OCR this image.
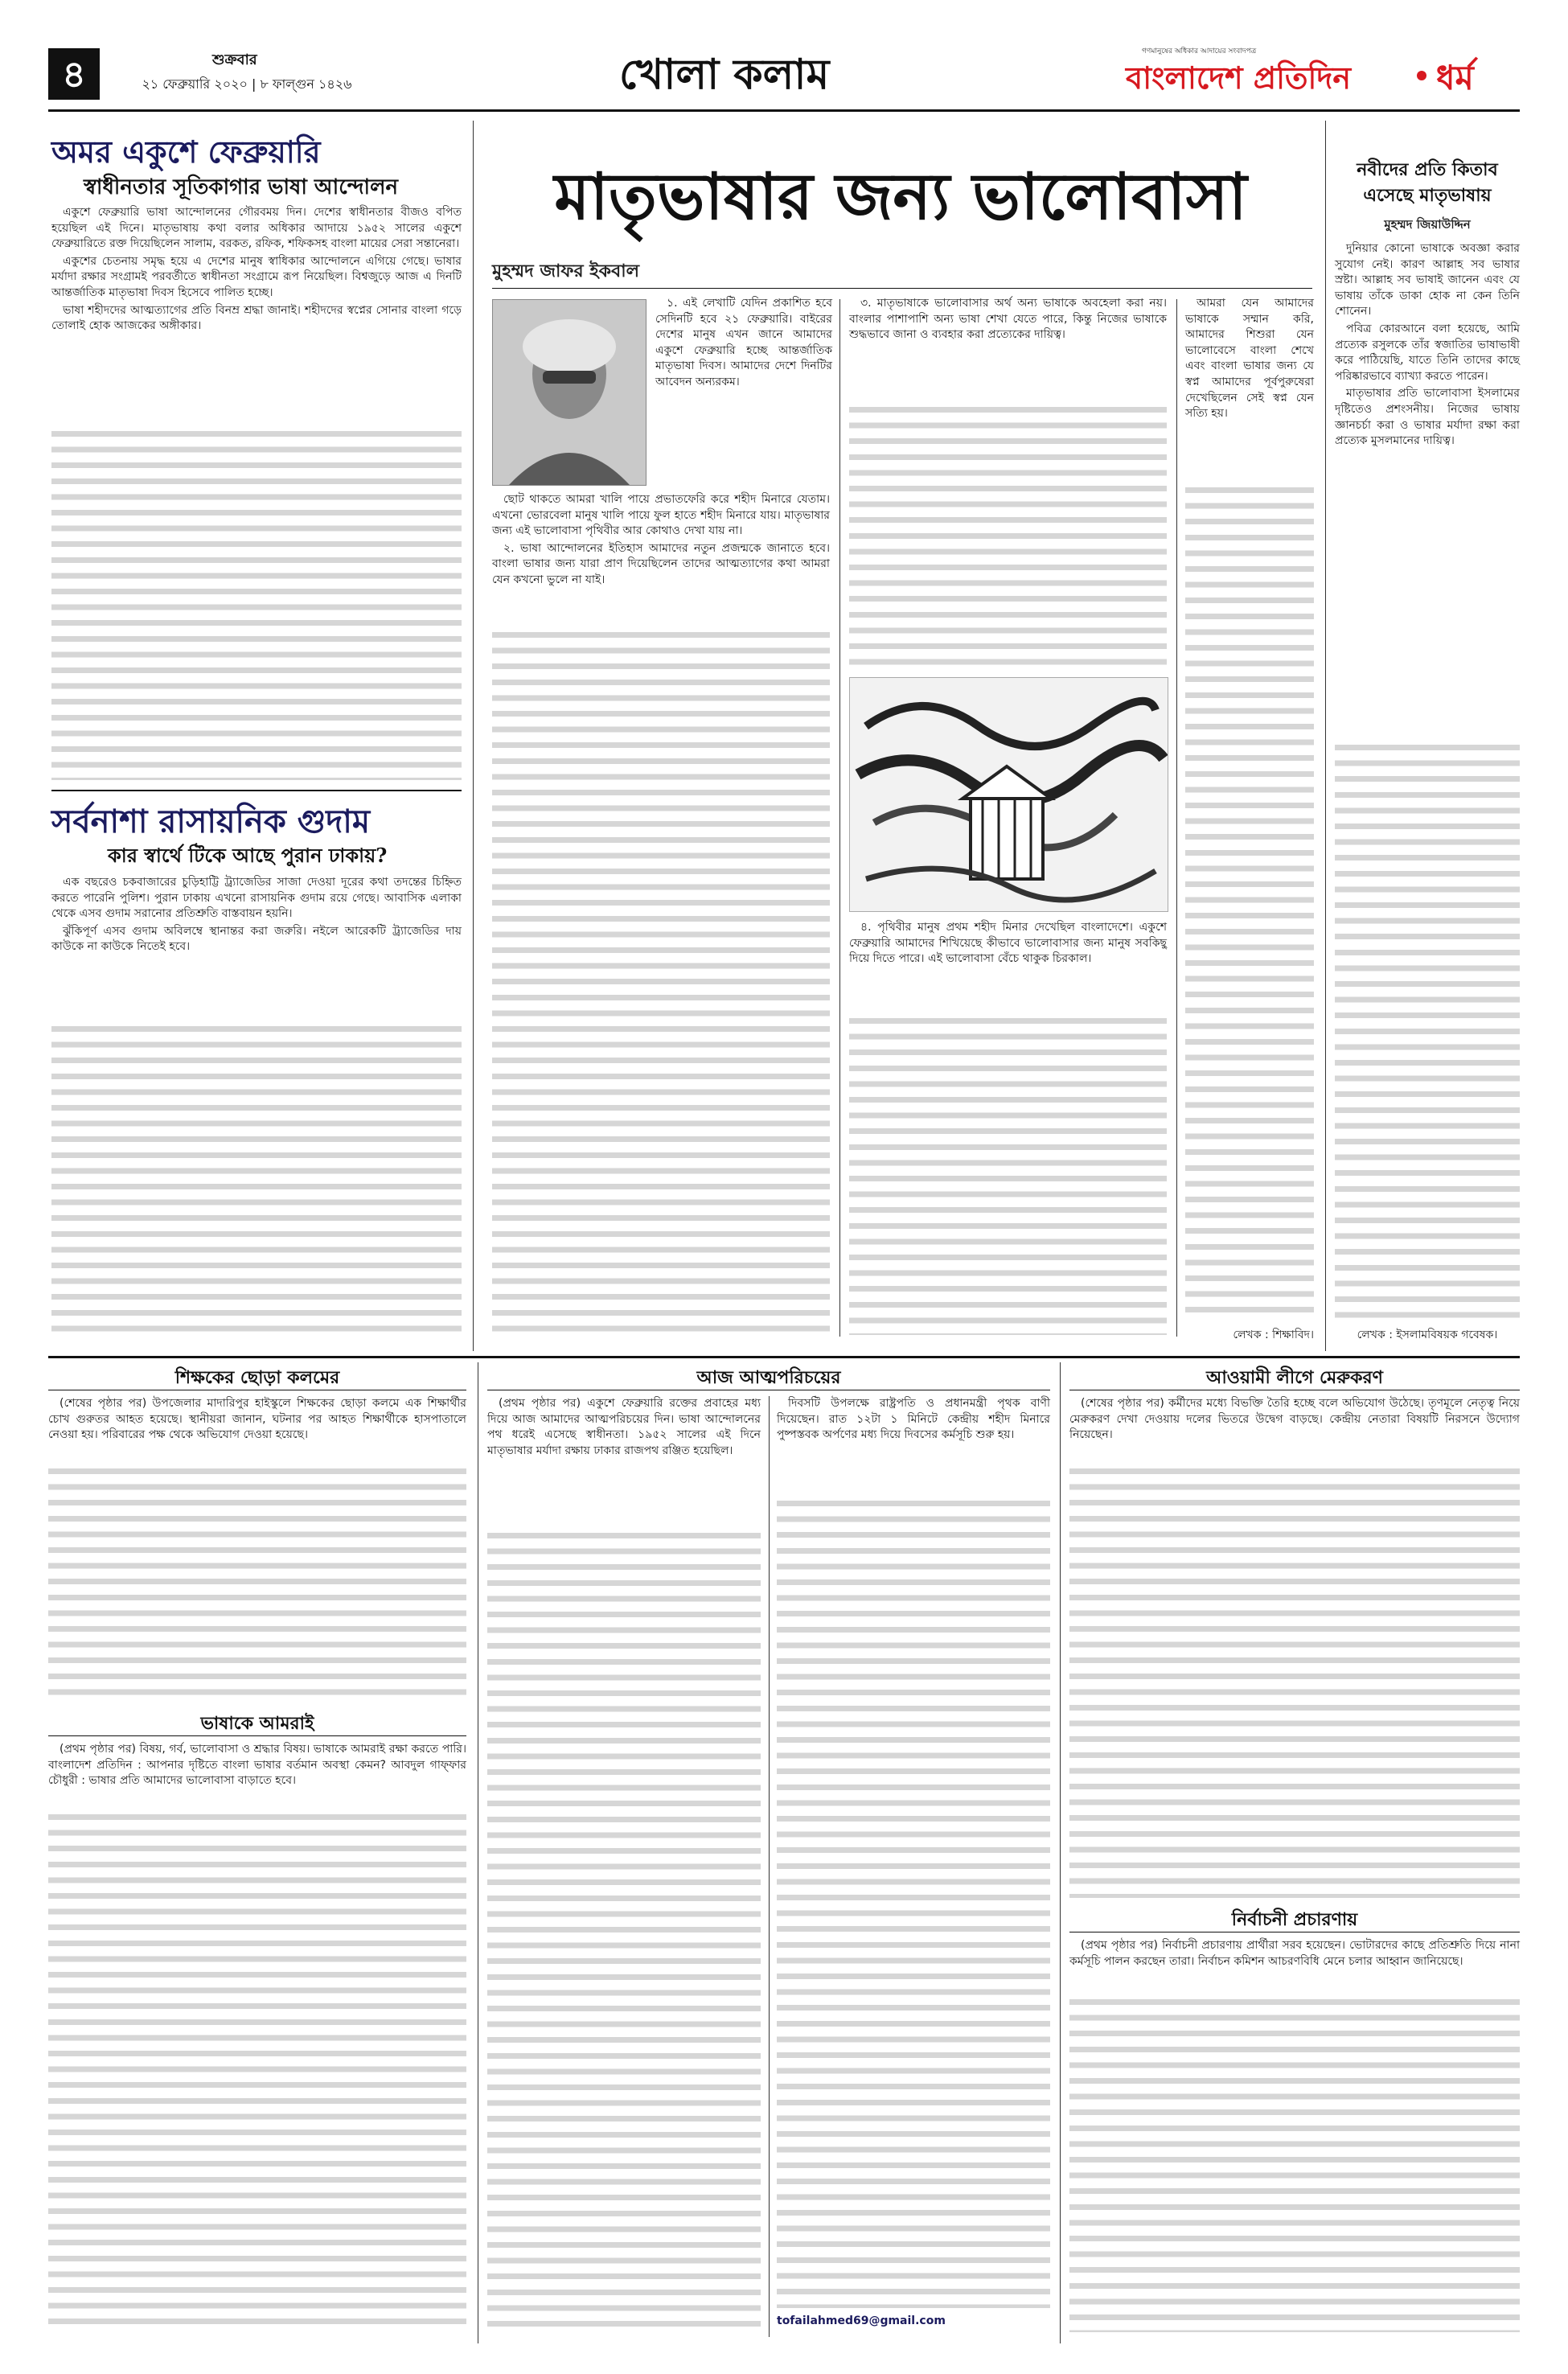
৪	শুক্রবার
২১ ফেব্রুয়ারি ২০২০ | ৮ ফাল্গুন ১৪২৬	খোলা কলাম	গণমানুষের অধিকার আদায়ের সংবাদপত্র
বাংলাদেশ প্রতিদিন	ধর্ম
অমর একুশে ফেব্রুয়ারি
স্বাধীনতার সূতিকাগার ভাষা আন্দোলন

একুশে ফেব্রুয়ারি ভাষা আন্দোলনের গৌরবময় দিন। দেশের স্বাধীনতার বীজও বপিত হয়েছিল এই দিনে। মাতৃভাষায় কথা বলার অধিকার আদায়ে ১৯৫২ সালের একুশে ফেব্রুয়ারিতে রক্ত দিয়েছিলেন সালাম, বরকত, রফিক, শফিকসহ বাংলা মায়ের সেরা সন্তানেরা।

একুশের চেতনায় সমৃদ্ধ হয়ে এ দেশের মানুষ স্বাধিকার আন্দোলনে এগিয়ে গেছে। ভাষার মর্যাদা রক্ষার সংগ্রামই পরবর্তীতে স্বাধীনতা সংগ্রামে রূপ নিয়েছিল। বিশ্বজুড়ে আজ এ দিনটি আন্তর্জাতিক মাতৃভাষা দিবস হিসেবে পালিত হচ্ছে।

ভাষা শহীদদের আত্মত্যাগের প্রতি বিনম্র শ্রদ্ধা জানাই। শহীদদের স্বপ্নের সোনার বাংলা গড়ে তোলাই হোক আজকের অঙ্গীকার।

সর্বনাশা রাসায়নিক গুদাম
কার স্বার্থে টিকে আছে পুরান ঢাকায়?

এক বছরেও চকবাজারের চুড়িহাট্টি ট্র্যাজেডির সাজা দেওয়া দূরের কথা তদন্তের চিহ্নিত করতে পারেনি পুলিশ। পুরান ঢাকায় এখনো রাসায়নিক গুদাম রয়ে গেছে। আবাসিক এলাকা থেকে এসব গুদাম সরানোর প্রতিশ্রুতি বাস্তবায়ন হয়নি।

ঝুঁকিপূর্ণ এসব গুদাম অবিলম্বে স্থানান্তর করা জরুরি। নইলে আরেকটি ট্র্যাজেডির দায় কাউকে না কাউকে নিতেই হবে।

মাতৃভাষার জন্য ভালোবাসা
মুহম্মদ জাফর ইকবাল

১. এই লেখাটি যেদিন প্রকাশিত হবে সেদিনটি হবে ২১ ফেব্রুয়ারি। বাইরের দেশের মানুষ এখন জানে আমাদের একুশে ফেব্রুয়ারি হচ্ছে আন্তর্জাতিক মাতৃভাষা দিবস। আমাদের দেশে দিনটির আবেদন অন্যরকম।

ছোট থাকতে আমরা খালি পায়ে প্রভাতফেরি করে শহীদ মিনারে যেতাম। এখনো ভোরবেলা মানুষ খালি পায়ে ফুল হাতে শহীদ মিনারে যায়। মাতৃভাষার জন্য এই ভালোবাসা পৃথিবীর আর কোথাও দেখা যায় না।

২. ভাষা আন্দোলনের ইতিহাস আমাদের নতুন প্রজন্মকে জানাতে হবে। বাংলা ভাষার জন্য যারা প্রাণ দিয়েছিলেন তাদের আত্মত্যাগের কথা আমরা যেন কখনো ভুলে না যাই।

৩. মাতৃভাষাকে ভালোবাসার অর্থ অন্য ভাষাকে অবহেলা করা নয়। বাংলার পাশাপাশি অন্য ভাষা শেখা যেতে পারে, কিন্তু নিজের ভাষাকে শুদ্ধভাবে জানা ও ব্যবহার করা প্রত্যেকের দায়িত্ব।

৪. পৃথিবীর মানুষ প্রথম শহীদ মিনার দেখেছিল বাংলাদেশে। একুশে ফেব্রুয়ারি আমাদের শিখিয়েছে কীভাবে ভালোবাসার জন্য মানুষ সবকিছু দিয়ে দিতে পারে। এই ভালোবাসা বেঁচে থাকুক চিরকাল।

আমরা যেন আমাদের ভাষাকে সম্মান করি, আমাদের শিশুরা যেন ভালোবেসে বাংলা শেখে এবং বাংলা ভাষার জন্য যে স্বপ্ন আমাদের পূর্বপুরুষেরা দেখেছিলেন সেই স্বপ্ন যেন সত্যি হয়।

লেখক : শিক্ষাবিদ।
নবীদের প্রতি কিতাব এসেছে মাতৃভাষায়
মুহম্মদ জিয়াউদ্দিন

দুনিয়ার কোনো ভাষাকে অবজ্ঞা করার সুযোগ নেই। কারণ আল্লাহ সব ভাষার স্রষ্টা। আল্লাহ সব ভাষাই জানেন এবং যে ভাষায় তাঁকে ডাকা হোক না কেন তিনি শোনেন।

পবিত্র কোরআনে বলা হয়েছে, আমি প্রত্যেক রসুলকে তাঁর স্বজাতির ভাষাভাষী করে পাঠিয়েছি, যাতে তিনি তাদের কাছে পরিষ্কারভাবে ব্যাখ্যা করতে পারেন।

মাতৃভাষার প্রতি ভালোবাসা ইসলামের দৃষ্টিতেও প্রশংসনীয়। নিজের ভাষায় জ্ঞানচর্চা করা ও ভাষার মর্যাদা রক্ষা করা প্রত্যেক মুসলমানের দায়িত্ব।

লেখক : ইসলামবিষয়ক গবেষক।
শিক্ষকের ছোড়া কলমের

(শেষের পৃষ্ঠার পর) উপজেলার মাদারিপুর হাইস্কুলে শিক্ষকের ছোড়া কলমে এক শিক্ষার্থীর চোখ গুরুতর আহত হয়েছে। স্থানীয়রা জানান, ঘটনার পর আহত শিক্ষার্থীকে হাসপাতালে নেওয়া হয়। পরিবারের পক্ষ থেকে অভিযোগ দেওয়া হয়েছে।

ভাষাকে আমরাই

(প্রথম পৃষ্ঠার পর) বিষয়, গর্ব, ভালোবাসা ও শ্রদ্ধার বিষয়। ভাষাকে আমরাই রক্ষা করতে পারি। বাংলাদেশ প্রতিদিন : আপনার দৃষ্টিতে বাংলা ভাষার বর্তমান অবস্থা কেমন? আবদুল গাফ্ফার চৌধুরী : ভাষার প্রতি আমাদের ভালোবাসা বাড়াতে হবে।

আজ আত্মপরিচয়ের

(প্রথম পৃষ্ঠার পর) একুশে ফেব্রুয়ারি রক্তের প্রবাহের মধ্য দিয়ে আজ আমাদের আত্মপরিচয়ের দিন। ভাষা আন্দোলনের পথ ধরেই এসেছে স্বাধীনতা। ১৯৫২ সালের এই দিনে মাতৃভাষার মর্যাদা রক্ষায় ঢাকার রাজপথ রঞ্জিত হয়েছিল।

দিবসটি উপলক্ষে রাষ্ট্রপতি ও প্রধানমন্ত্রী পৃথক বাণী দিয়েছেন। রাত ১২টা ১ মিনিটে কেন্দ্রীয় শহীদ মিনারে পুষ্পস্তবক অর্পণের মধ্য দিয়ে দিবসের কর্মসূচি শুরু হয়।

tofailahmed69@gmail.com
আওয়ামী লীগে মেরুকরণ

(শেষের পৃষ্ঠার পর) কর্মীদের মধ্যে বিভক্তি তৈরি হচ্ছে বলে অভিযোগ উঠেছে। তৃণমূলে নেতৃত্ব নিয়ে মেরুকরণ দেখা দেওয়ায় দলের ভিতরে উদ্বেগ বাড়ছে। কেন্দ্রীয় নেতারা বিষয়টি নিরসনে উদ্যোগ নিয়েছেন।

নির্বাচনী প্রচারণায়

(প্রথম পৃষ্ঠার পর) নির্বাচনী প্রচারণায় প্রার্থীরা সরব হয়েছেন। ভোটারদের কাছে প্রতিশ্রুতি দিয়ে নানা কর্মসূচি পালন করছেন তারা। নির্বাচন কমিশন আচরণবিধি মেনে চলার আহ্বান জানিয়েছে।
